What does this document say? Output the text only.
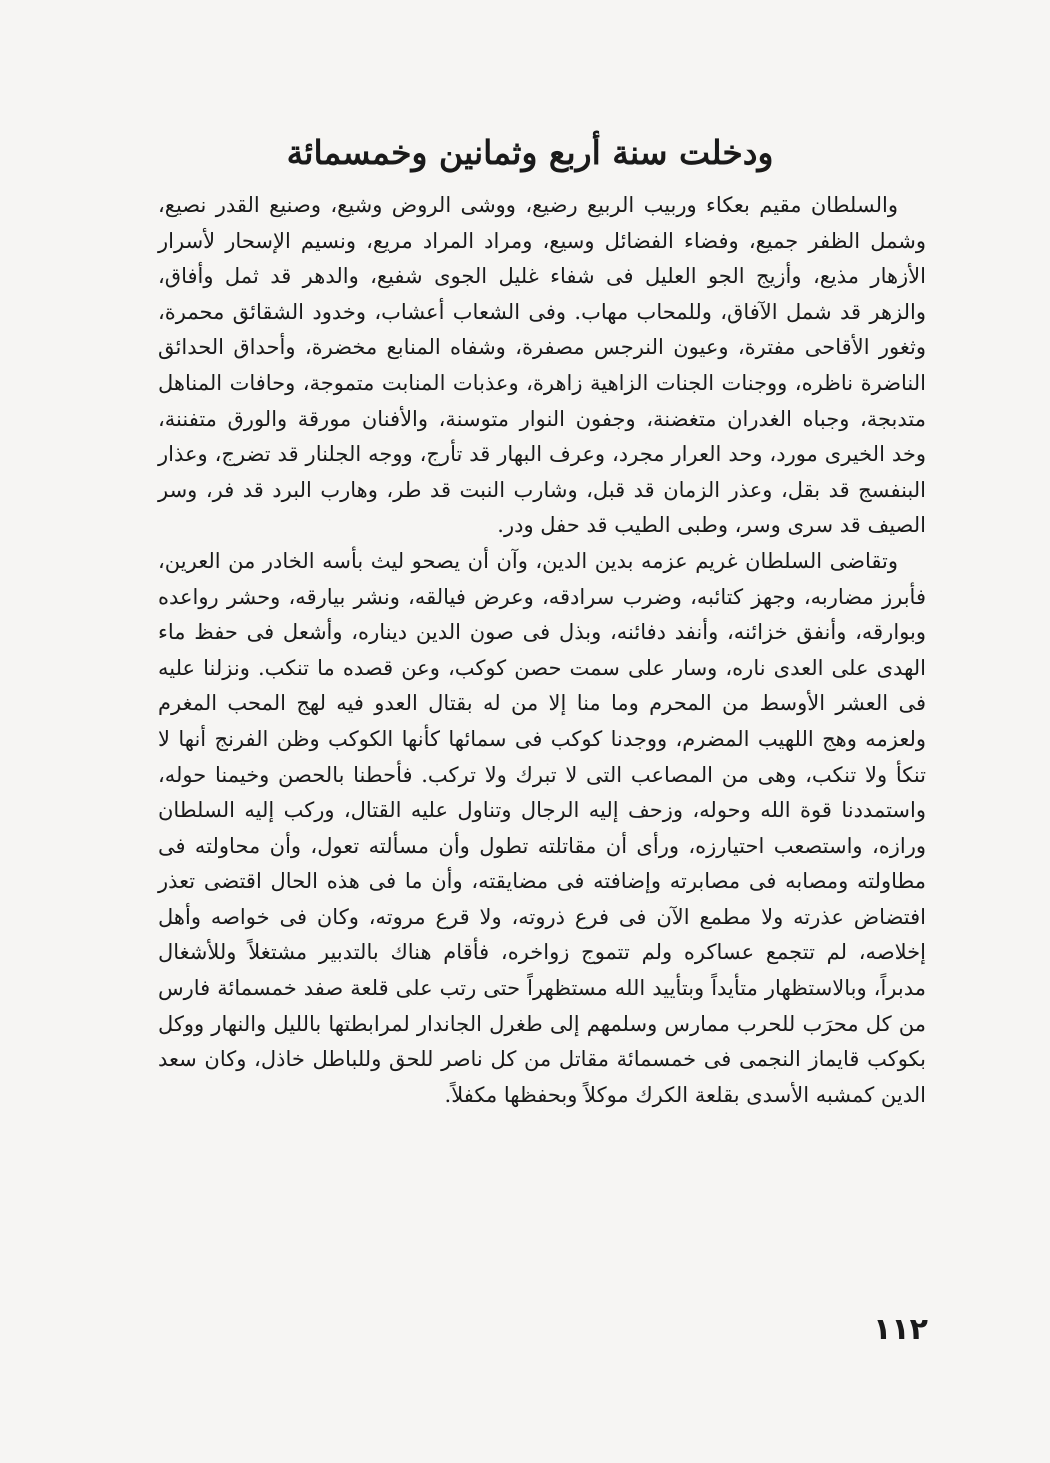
ودخلت سنة أربع وثمانين وخمسمائة

والسلطان مقيم بعكاء وربيب الربيع رضيع، ووشى الروض وشيع، وصنيع القدر نصيع، وشمل الظفر جميع، وفضاء الفضائل وسيع، ومراد المراد مريع، ونسيم الإسحار لأسرار الأزهار مذيع، وأزيج الجو العليل فى شفاء غليل الجوى شفيع، والدهر قد ثمل وأفاق، والزهر قد شمل الآفاق، وللمحاب مهاب. وفى الشعاب أعشاب، وخدود الشقائق محمرة، وثغور الأقاحى مفترة، وعيون النرجس مصفرة، وشفاه المنابع مخضرة، وأحداق الحدائق الناضرة ناظره، ووجنات الجنات الزاهية زاهرة، وعذبات المنابت متموجة، وحافات المناهل متدبجة، وجباه الغدران متغضنة، وجفون النوار متوسنة، والأفنان مورقة والورق متفننة، وخد الخيرى مورد، وحد العرار مجرد، وعرف البهار قد تأرج، ووجه الجلنار قد تضرج، وعذار البنفسج قد بقل، وعذر الزمان قد قبل، وشارب النبت قد طر، وهارب البرد قد فر، وسر الصيف قد سرى وسر، وطبى الطيب قد حفل ودر.

وتقاضى السلطان غريم عزمه بدين الدين، وآن أن يصحو ليث بأسه الخادر من العرين، فأبرز مضاربه، وجهز كتائبه، وضرب سرادقه، وعرض فيالقه، ونشر بيارقه، وحشر رواعده وبوارقه، وأنفق خزائنه، وأنفد دفائنه، وبذل فى صون الدين ديناره، وأشعل فى حفظ ماء الهدى على العدى ناره، وسار على سمت حصن كوكب، وعن قصده ما تنكب. ونزلنا عليه فى العشر الأوسط من المحرم وما منا إلا من له بقتال العدو فيه لهج المحب المغرم ولعزمه وهج اللهيب المضرم، ووجدنا كوكب فى سمائها كأنها الكوكب وظن الفرنج أنها لا تنكأ ولا تنكب، وهى من المصاعب التى لا تبرك ولا تركب. فأحطنا بالحصن وخيمنا حوله، واستمددنا قوة الله وحوله، وزحف إليه الرجال وتناول عليه القتال، وركب إليه السلطان ورازه، واستصعب احتيارزه، ورأى أن مقاتلته تطول وأن مسألته تعول، وأن محاولته فى مطاولته ومصابه فى مصابرته وإضافته فى مضايقته، وأن ما فى هذه الحال اقتضى تعذر افتضاض عذرته ولا مطمع الآن فى فرع ذروته، ولا قرع مروته، وكان فى خواصه وأهل إخلاصه، لم تتجمع عساكره ولم تتموج زواخره، فأقام هناك بالتدبير مشتغلاً وللأشغال مدبراً، وبالاستظهار متأيداً وبتأييد الله مستظهراً حتى رتب على قلعة صفد خمسمائة فارس من كل محرَب للحرب ممارس وسلمهم إلى طغرل الجاندار لمرابطتها بالليل والنهار ووكل بكوكب قايماز النجمى فى خمسمائة مقاتل من كل ناصر للحق وللباطل خاذل، وكان سعد الدين كمشبه الأسدى بقلعة الكرك موكلاً وبحفظها مكفلاً.

١١٢
